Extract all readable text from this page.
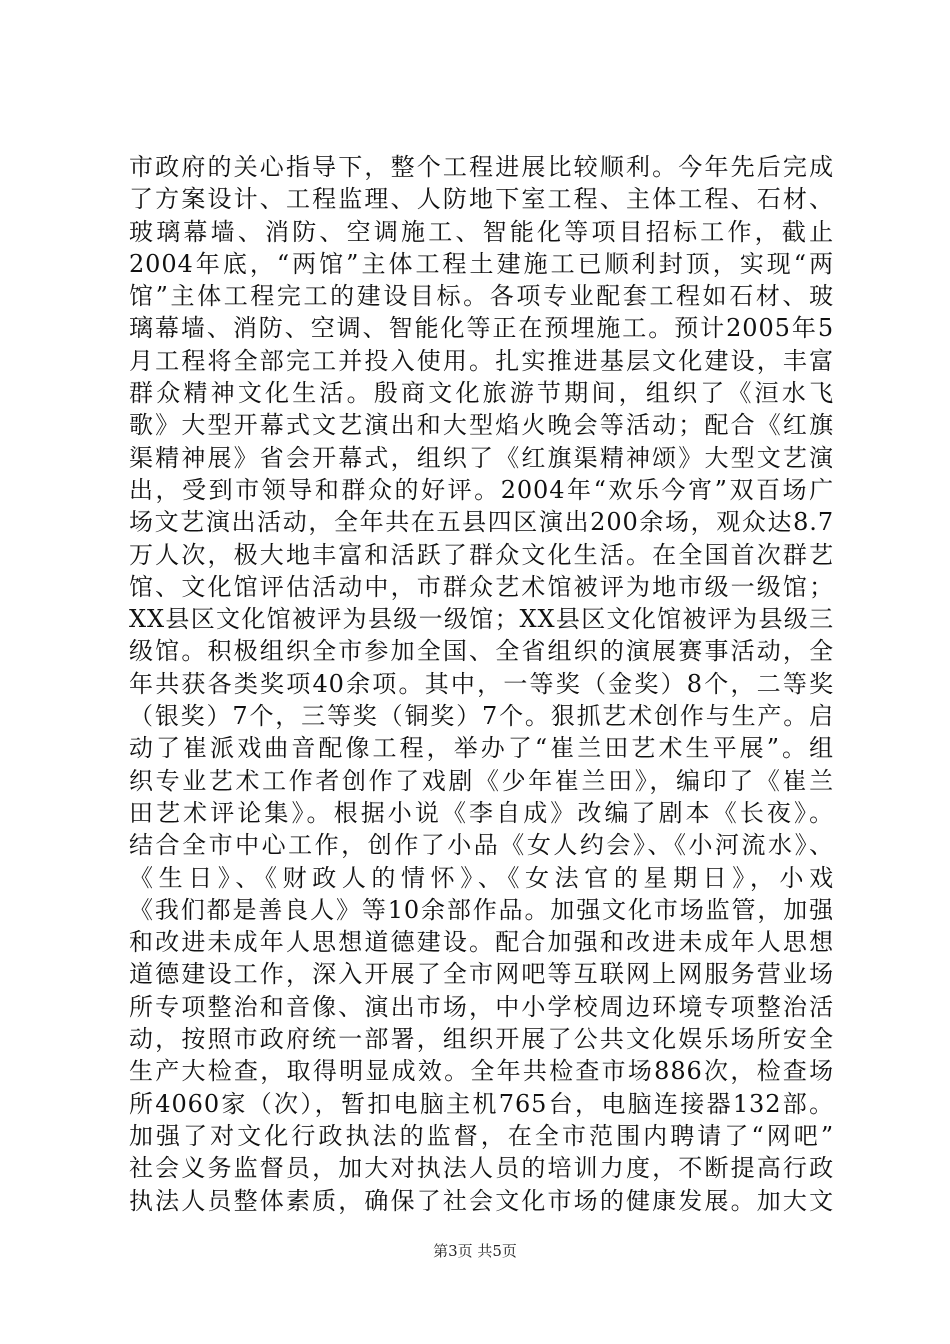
市政府的关心指导下，整个工程进展比较顺利。今年先后完成
了方案设计、工程监理、人防地下室工程、主体工程、石材、
玻璃幕墙、消防、空调施工、智能化等项目招标工作，截止
2004年底，“两馆”主体工程土建施工已顺利封顶，实现“两
馆”主体工程完工的建设目标。各项专业配套工程如石材、玻
璃幕墙、消防、空调、智能化等正在预埋施工。预计2005年5
月工程将全部完工并投入使用。扎实推进基层文化建设，丰富
群众精神文化生活。殷商文化旅游节期间，组织了《洹水飞
歌》大型开幕式文艺演出和大型焰火晚会等活动；配合《红旗
渠精神展》省会开幕式，组织了《红旗渠精神颂》大型文艺演
出，受到市领导和群众的好评。2004年“欢乐今宵”双百场广
场文艺演出活动，全年共在五县四区演出200余场，观众达8.7
万人次，极大地丰富和活跃了群众文化生活。在全国首次群艺
馆、文化馆评估活动中，市群众艺术馆被评为地市级一级馆；
XX县区文化馆被评为县级一级馆；XX县区文化馆被评为县级三
级馆。积极组织全市参加全国、全省组织的演展赛事活动，全
年共获各类奖项40余项。其中，一等奖（金奖）8个，二等奖
（银奖）7个，三等奖（铜奖）7个。狠抓艺术创作与生产。启
动了崔派戏曲音配像工程，举办了“崔兰田艺术生平展”。组
织专业艺术工作者创作了戏剧《少年崔兰田》，编印了《崔兰
田艺术评论集》。根据小说《李自成》改编了剧本《长夜》。
结合全市中心工作，创作了小品《女人约会》、《小河流水》、
《生日》、《财政人的情怀》、《女法官的星期日》，小戏
《我们都是善良人》等10余部作品。加强文化市场监管，加强
和改进未成年人思想道德建设。配合加强和改进未成年人思想
道德建设工作，深入开展了全市网吧等互联网上网服务营业场
所专项整治和音像、演出市场，中小学校周边环境专项整治活
动，按照市政府统一部署，组织开展了公共文化娱乐场所安全
生产大检查，取得明显成效。全年共检查市场886次，检查场
所4060家（次），暂扣电脑主机765台，电脑连接器132部。
加强了对文化行政执法的监督，在全市范围内聘请了“网吧”
社会义务监督员，加大对执法人员的培训力度，不断提高行政
执法人员整体素质，确保了社会文化市场的健康发展。加大文
第3页 共5页
